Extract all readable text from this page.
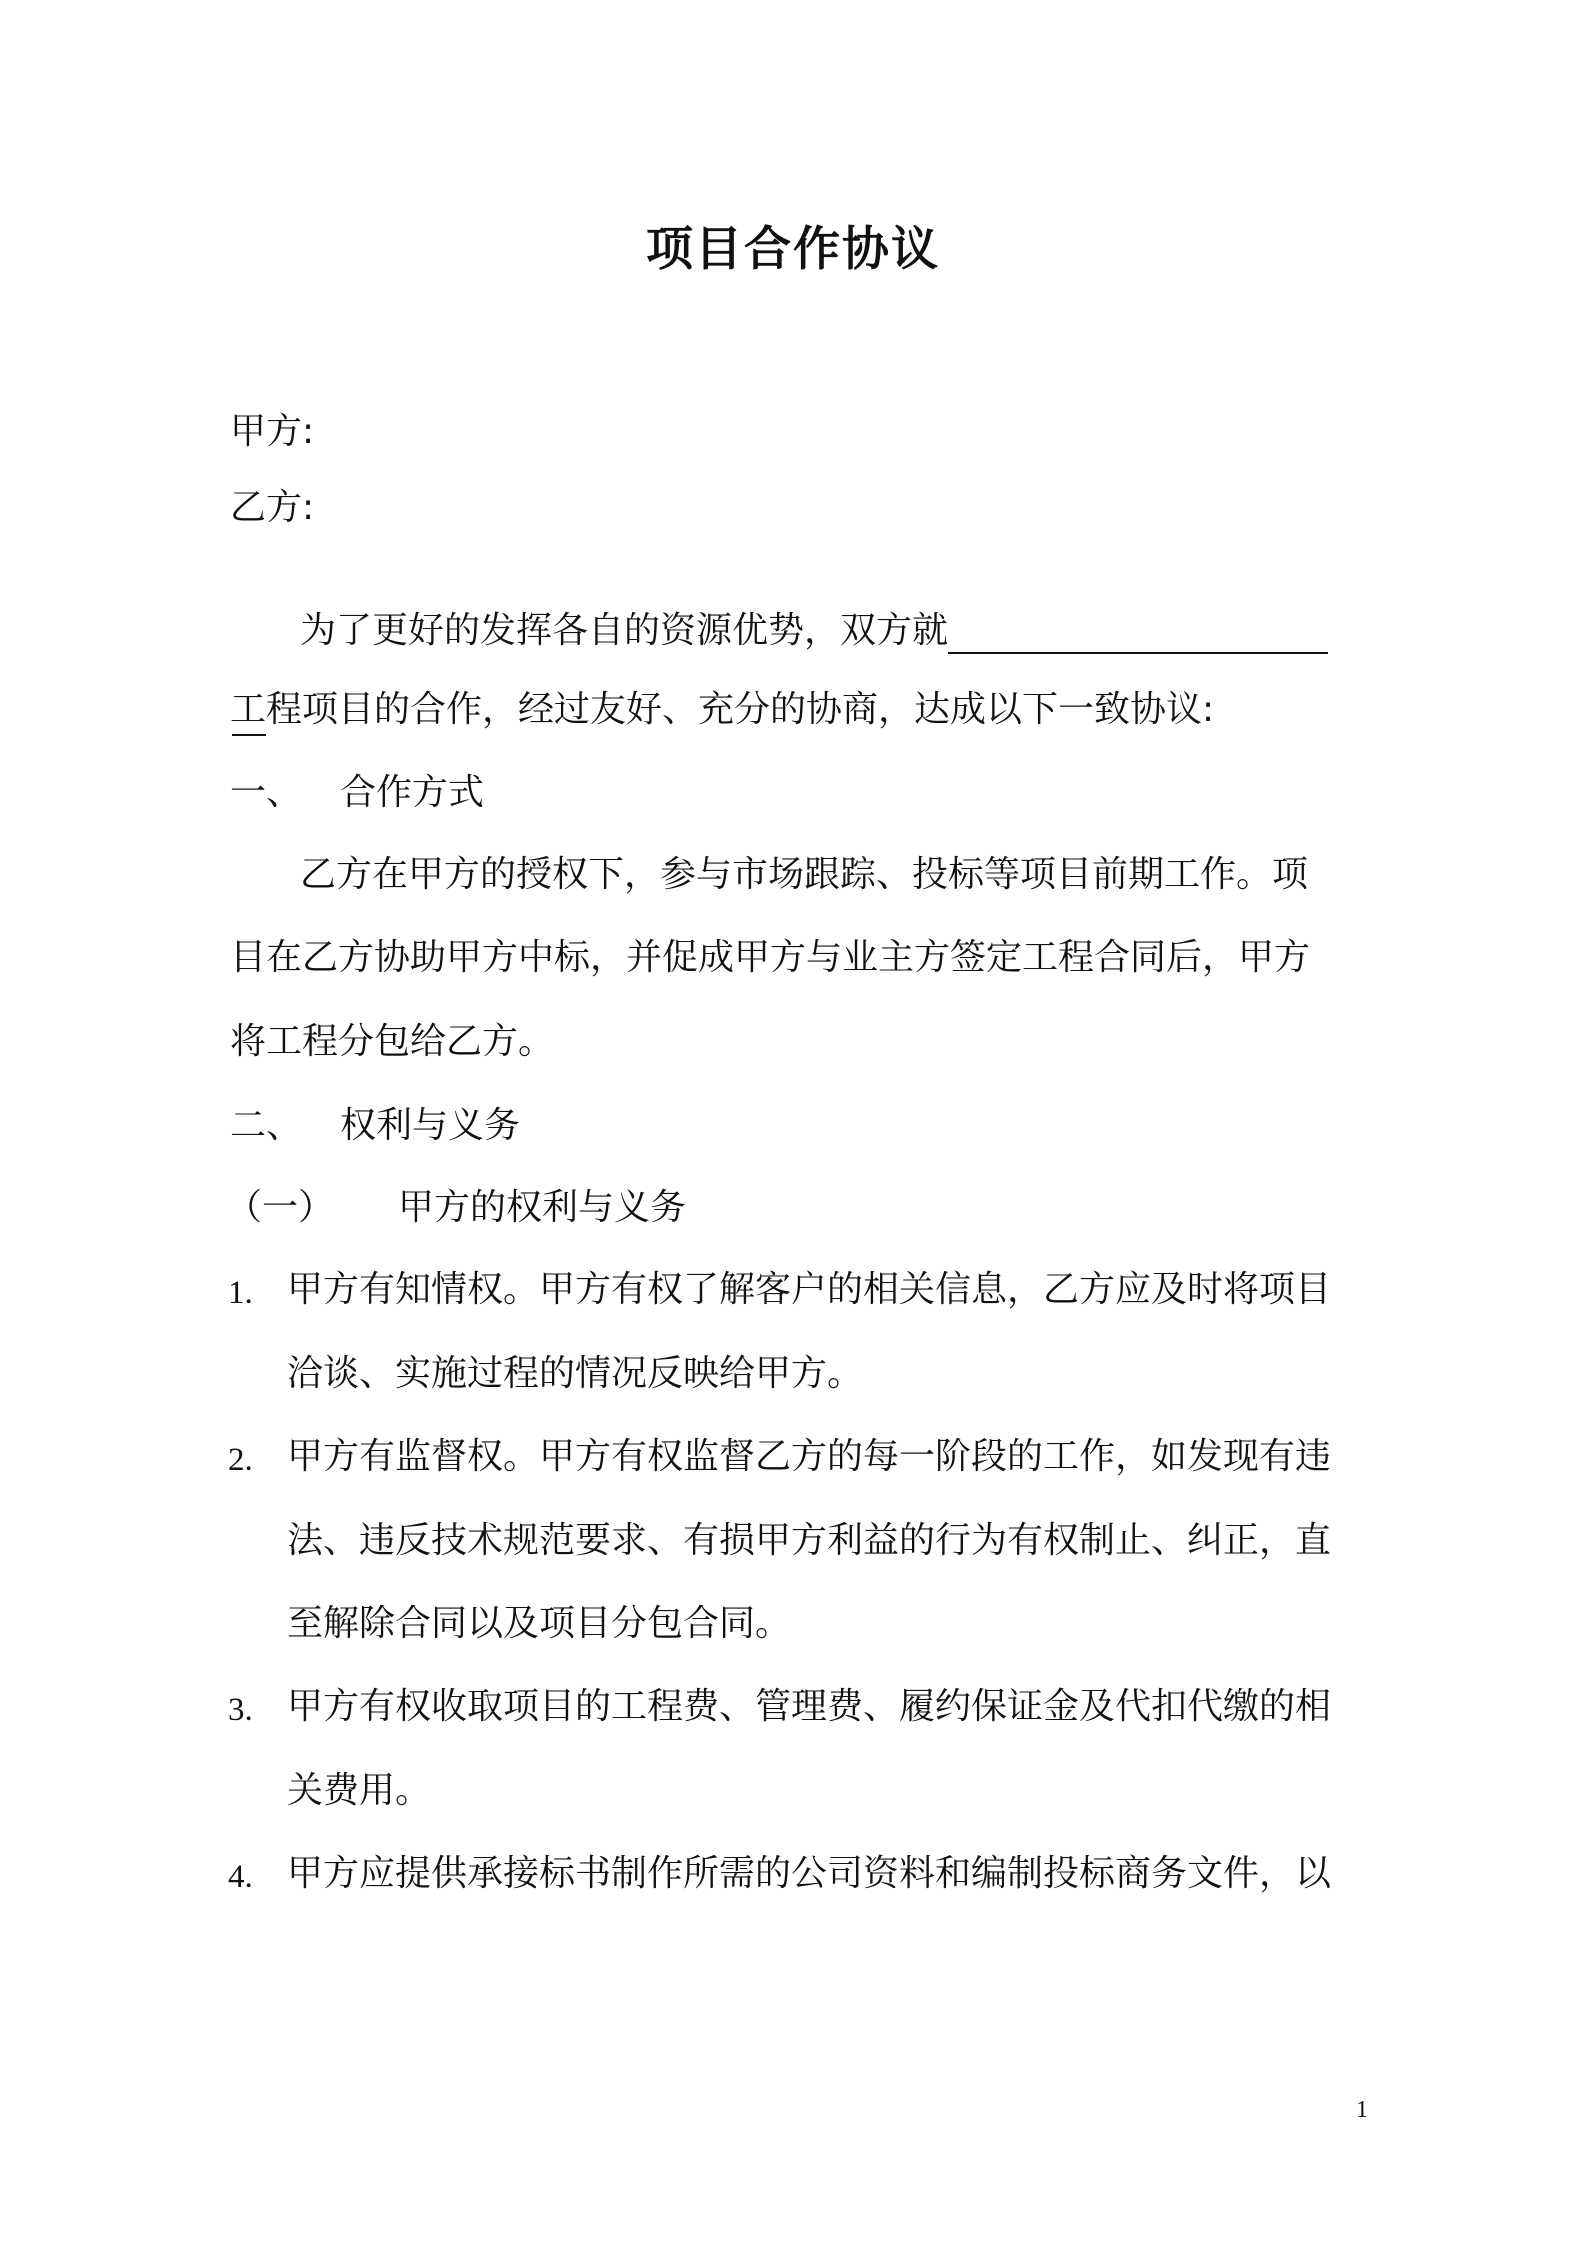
项目合作协议
甲方:
乙方:
为了更好的发挥各自的资源优势，双方就
工程项目的合作，经过友好、充分的协商，达成以下一致协议:
一、 合作方式
乙方在甲方的授权下，参与市场跟踪、投标等项目前期工作。项
目在乙方协助甲方中标，并促成甲方与业主方签定工程合同后，甲方
将工程分包给乙方。
二、 权利与义务
（一） 甲方的权利与义务
1. 甲方有知情权。甲方有权了解客户的相关信息，乙方应及时将项目
洽谈、实施过程的情况反映给甲方。
2. 甲方有监督权。甲方有权监督乙方的每一阶段的工作，如发现有违
法、违反技术规范要求、有损甲方利益的行为有权制止、纠正，直
至解除合同以及项目分包合同。
3. 甲方有权收取项目的工程费、管理费、履约保证金及代扣代缴的相
关费用。
4. 甲方应提供承接标书制作所需的公司资料和编制投标商务文件，以
1
